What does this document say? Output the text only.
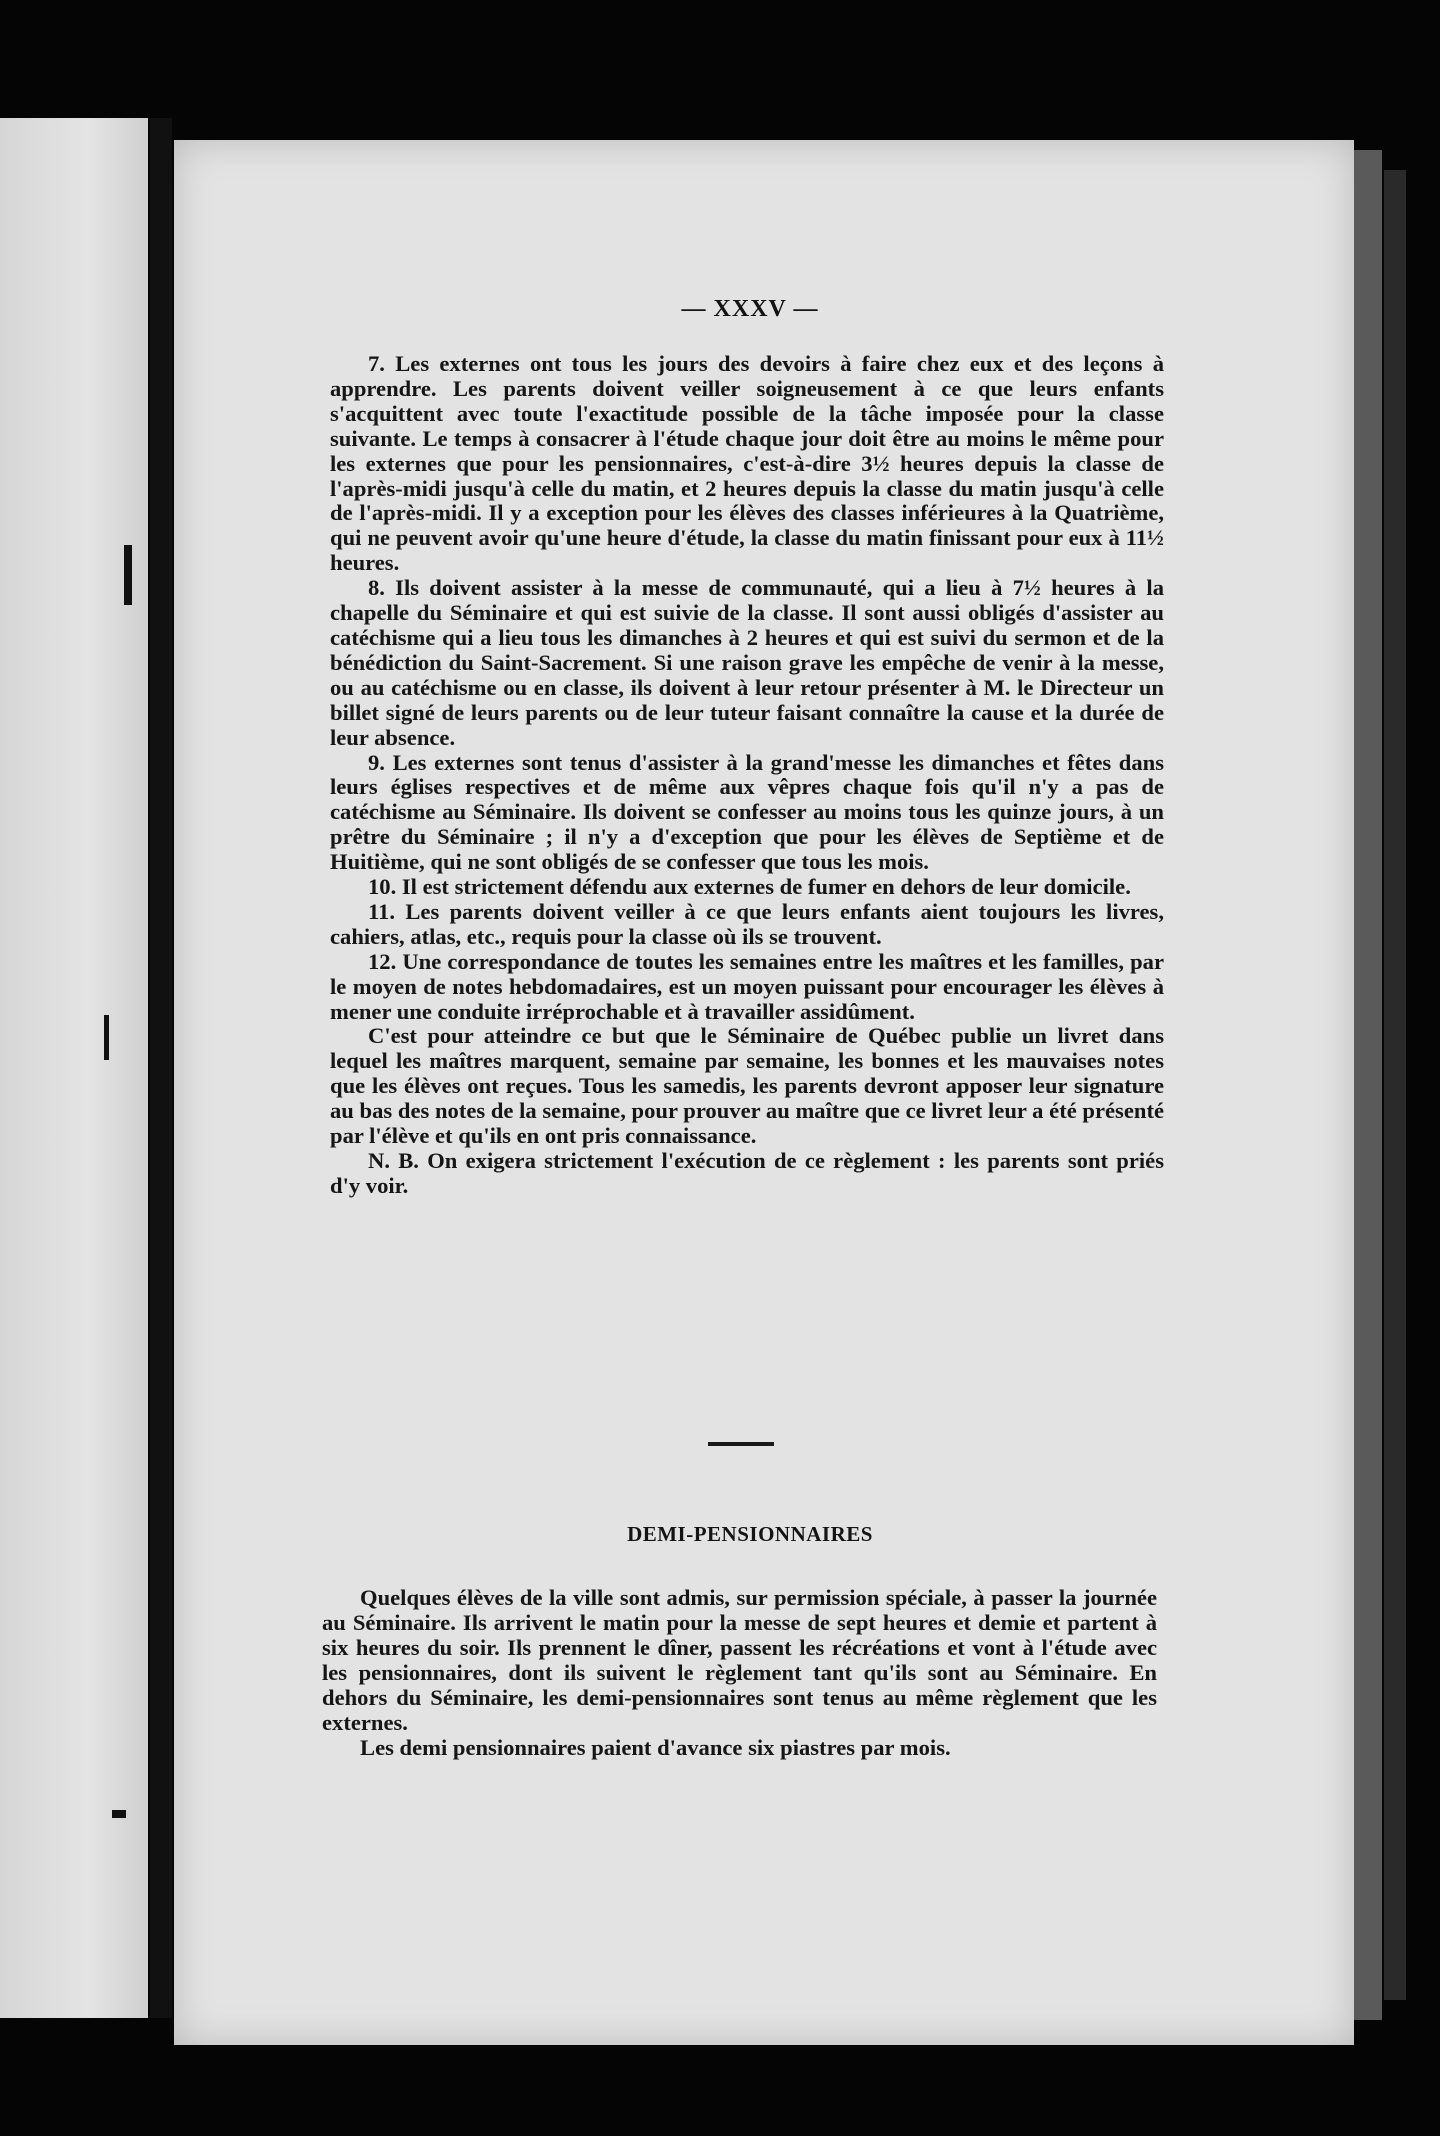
— XXXV —

7. Les externes ont tous les jours des devoirs à faire chez eux et des leçons à apprendre. Les parents doivent veiller soigneusement à ce que leurs enfants s'acquittent avec toute l'exactitude possible de la tâche imposée pour la classe suivante. Le temps à consacrer à l'étude chaque jour doit être au moins le même pour les externes que pour les pensionnaires, c'est-à-dire 3½ heures depuis la classe de l'après-midi jusqu'à celle du matin, et 2 heures depuis la classe du matin jusqu'à celle de l'après-midi. Il y a exception pour les élèves des classes inférieures à la Quatrième, qui ne peuvent avoir qu'une heure d'étude, la classe du matin finissant pour eux à 11½ heures.

8. Ils doivent assister à la messe de communauté, qui a lieu à 7½ heures à la chapelle du Séminaire et qui est suivie de la classe. Il sont aussi obligés d'assister au catéchisme qui a lieu tous les dimanches à 2 heures et qui est suivi du sermon et de la bénédiction du Saint-Sacrement. Si une raison grave les empêche de venir à la messe, ou au catéchisme ou en classe, ils doivent à leur retour présenter à M. le Directeur un billet signé de leurs parents ou de leur tuteur faisant connaître la cause et la durée de leur absence.

9. Les externes sont tenus d'assister à la grand'messe les dimanches et fêtes dans leurs églises respectives et de même aux vêpres chaque fois qu'il n'y a pas de catéchisme au Séminaire. Ils doivent se confesser au moins tous les quinze jours, à un prêtre du Séminaire ; il n'y a d'exception que pour les élèves de Septième et de Huitième, qui ne sont obligés de se confesser que tous les mois.

10. Il est strictement défendu aux externes de fumer en dehors de leur domicile.

11. Les parents doivent veiller à ce que leurs enfants aient toujours les livres, cahiers, atlas, etc., requis pour la classe où ils se trouvent.

12. Une correspondance de toutes les semaines entre les maîtres et les familles, par le moyen de notes hebdomadaires, est un moyen puissant pour encourager les élèves à mener une conduite irréprochable et à travailler assidûment.

C'est pour atteindre ce but que le Séminaire de Québec publie un livret dans lequel les maîtres marquent, semaine par semaine, les bonnes et les mauvaises notes que les élèves ont reçues. Tous les samedis, les parents devront apposer leur signature au bas des notes de la semaine, pour prouver au maître que ce livret leur a été présenté par l'élève et qu'ils en ont pris connaissance.

N. B. On exigera strictement l'exécution de ce règlement : les parents sont priés d'y voir.

DEMI-PENSIONNAIRES

Quelques élèves de la ville sont admis, sur permission spéciale, à passer la journée au Séminaire. Ils arrivent le matin pour la messe de sept heures et demie et partent à six heures du soir. Ils prennent le dîner, passent les récréations et vont à l'étude avec les pensionnaires, dont ils suivent le règlement tant qu'ils sont au Séminaire. En dehors du Séminaire, les demi-pensionnaires sont tenus au même règlement que les externes.

Les demi pensionnaires paient d'avance six piastres par mois.
